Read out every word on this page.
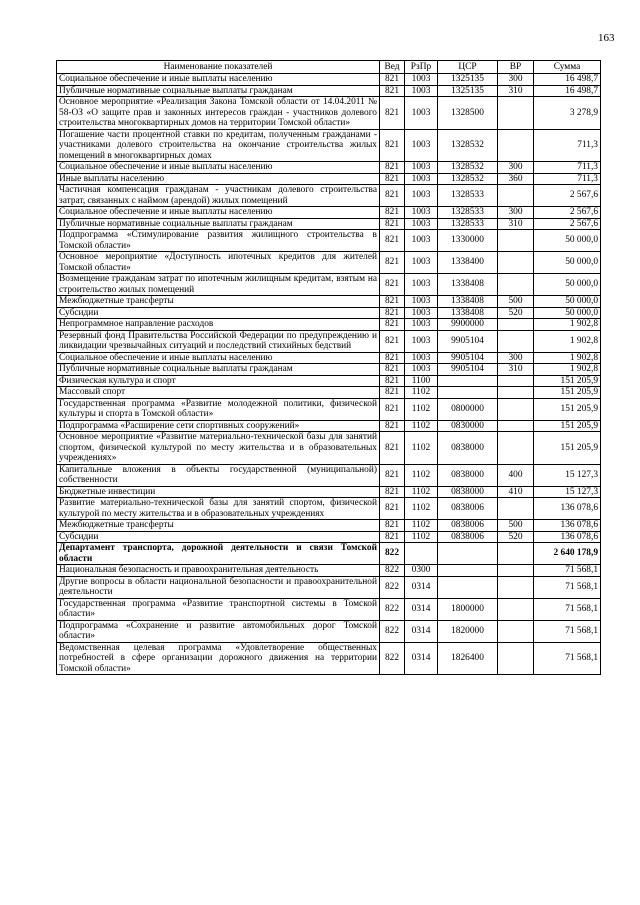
163
Наименование показателей	Вед	РзПр	ЦСР	ВР	Сумма
Социальное обеспечение и иные выплаты населению	821	1003	1325135	300	16 498,7
Публичные нормативные социальные выплаты гражданам	821	1003	1325135	310	16 498,7
Основное мероприятие «Реализация Закона Томской области от 14.04.2011 № 58-ОЗ «О защите прав и законных интересов граждан - участников долевого строительства многоквартирных домов на территории Томской области»	821	1003	1328500		3 278,9
Погашение части процентной ставки по кредитам, полученным гражданами - участниками долевого строительства на окончание строительства жилых помещений в многоквартирных домах	821	1003	1328532		711,3
Социальное обеспечение и иные выплаты населению	821	1003	1328532	300	711,3
Иные выплаты населению	821	1003	1328532	360	711,3
Частичная компенсация гражданам - участникам долевого строительства затрат, связанных с наймом (арендой) жилых помещений	821	1003	1328533		2 567,6
Социальное обеспечение и иные выплаты населению	821	1003	1328533	300	2 567,6
Публичные нормативные социальные выплаты гражданам	821	1003	1328533	310	2 567,6
Подпрограмма «Стимулирование развития жилищного строительства в Томской области»	821	1003	1330000		50 000,0
Основное мероприятие «Доступность ипотечных кредитов для жителей Томской области»	821	1003	1338400		50 000,0
Возмещение гражданам затрат по ипотечным жилищным кредитам, взятым на строительство жилых помещений	821	1003	1338408		50 000,0
Межбюджетные трансферты	821	1003	1338408	500	50 000,0
Субсидии	821	1003	1338408	520	50 000,0
Непрограммное направление расходов	821	1003	9900000		1 902,8
Резервный фонд Правительства Российской Федерации по предупреждению и ликвидации чрезвычайных ситуаций и последствий стихийных бедствий	821	1003	9905104		1 902,8
Социальное обеспечение и иные выплаты населению	821	1003	9905104	300	1 902,8
Публичные нормативные социальные выплаты гражданам	821	1003	9905104	310	1 902,8
Физическая культура и спорт	821	1100			151 205,9
Массовый спорт	821	1102			151 205,9
Государственная программа «Развитие молодежной политики, физической культуры и спорта в Томской области»	821	1102	0800000		151 205,9
Подпрограмма «Расширение сети спортивных сооружений»	821	1102	0830000		151 205,9
Основное мероприятие «Развитие материально-технической базы для занятий спортом, физической культурой по месту жительства и в образовательных учреждениях»	821	1102	0838000		151 205,9
Капитальные вложения в объекты государственной (муниципальной) собственности	821	1102	0838000	400	15 127,3
Бюджетные инвестиции	821	1102	0838000	410	15 127,3
Развитие материально-технической базы для занятий спортом, физической культурой по месту жительства и в образовательных учреждениях	821	1102	0838006		136 078,6
Межбюджетные трансферты	821	1102	0838006	500	136 078,6
Субсидии	821	1102	0838006	520	136 078,6
Департамент транспорта, дорожной деятельности и связи Томской области	822				2 640 178,9
Национальная безопасность и правоохранительная деятельность	822	0300			71 568,1
Другие вопросы в области национальной безопасности и правоохранительной деятельности	822	0314			71 568,1
Государственная программа «Развитие транспортной системы в Томской области»	822	0314	1800000		71 568,1
Подпрограмма «Сохранение и развитие автомобильных дорог Томской области»	822	0314	1820000		71 568,1
Ведомственная целевая программа «Удовлетворение общественных потребностей в сфере организации дорожного движения на территории Томской области»	822	0314	1826400		71 568,1
